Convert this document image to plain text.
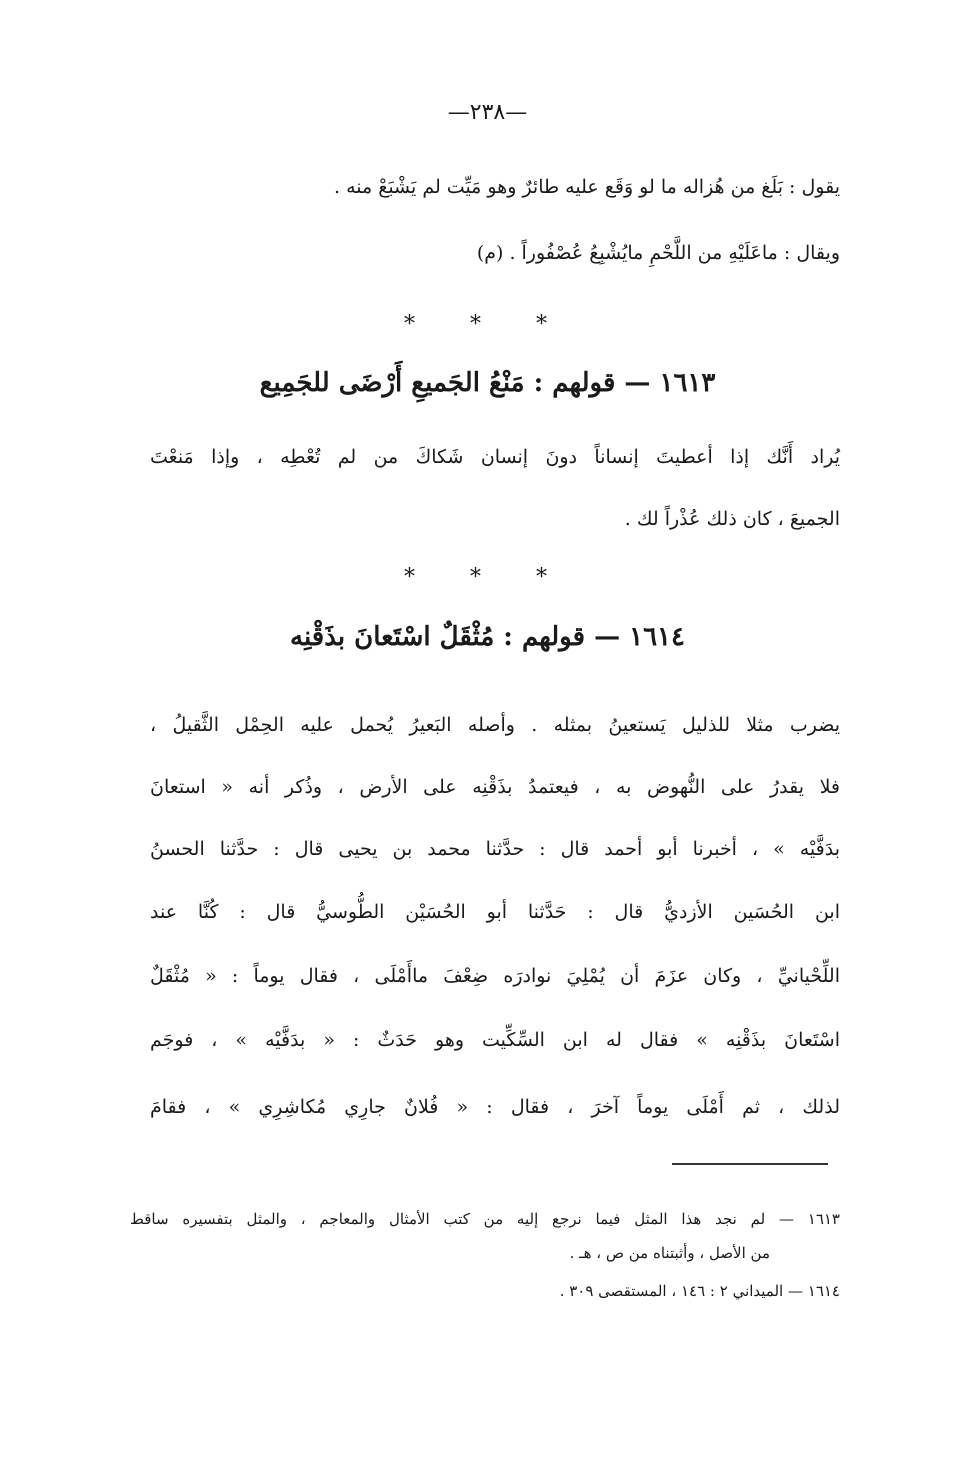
—٢٣٨—
يقول : بَلَغ من هُزاله ما لو وَقَع عليه طائرٌ وهو مَيِّت لم يَشْبَعْ منه .
ويقال : ماعَلَيْهِ من اللَّحْمِ مايُشْبِعُ عُصْفُوراً . (م)
* * *
١٦١٣ — قولهم : مَنْعُ الجَميعِ أَرْضَى للجَمِيع
يُراد أَنَّك إذا أعطيتَ إنساناً دونَ إنسان شَكاكَ من لم تُعْطِه ، وإذا مَنعْتَ
الجميعَ ، كان ذلك عُذْراً لك .
* * *
١٦١٤ — قولهم : مُثْقَلٌ اسْتَعانَ بذَقْنِه
يضرب مثلا للذليل يَستعينُ بمثله . وأصله البَعيرُ يُحمل عليه الحِمْل الثَّقيلُ ،
فلا يقدرُ على النُّهوض به ، فيعتمدُ بذَقْنِه على الأرض ، وذُكر أنه « استعانَ
بدَفَّيْه » ، أخبرنا أبو أحمد قال : حدَّثنا محمد بن يحيى قال : حدَّثنا الحسنُ
ابن الحُسَين الأزديُّ قال : حَدَّثنا أبو الحُسَيْن الطُّوسيُّ قال : كُنَّا عند
اللِّحْيانيِّ ، وكان عزَمَ أن يُمْلِيَ نوادرَه ضِعْفَ ماأَمْلَى ، فقال يوماً : « مُثْقَلٌ
اسْتَعانَ بذَقْنِه » فقال له ابن السِّكِّيت وهو حَدَثٌ : « بدَفَّيْه » ، فوجَم
لذلك ، ثم أَمْلَى يوماً آخرَ ، فقال : « فُلانٌ جارِي مُكاشِرِي » ، فقامَ
١٦١٣ — لم نجد هذا المثل فيما نرجع إليه من كتب الأمثال والمعاجم ، والمثل بتفسيره ساقط
من الأصل ، وأثبتناه من ص ، هـ .
١٦١٤ — الميداني ٢ : ١٤٦ ، المستقصى ٣٠٩ .
